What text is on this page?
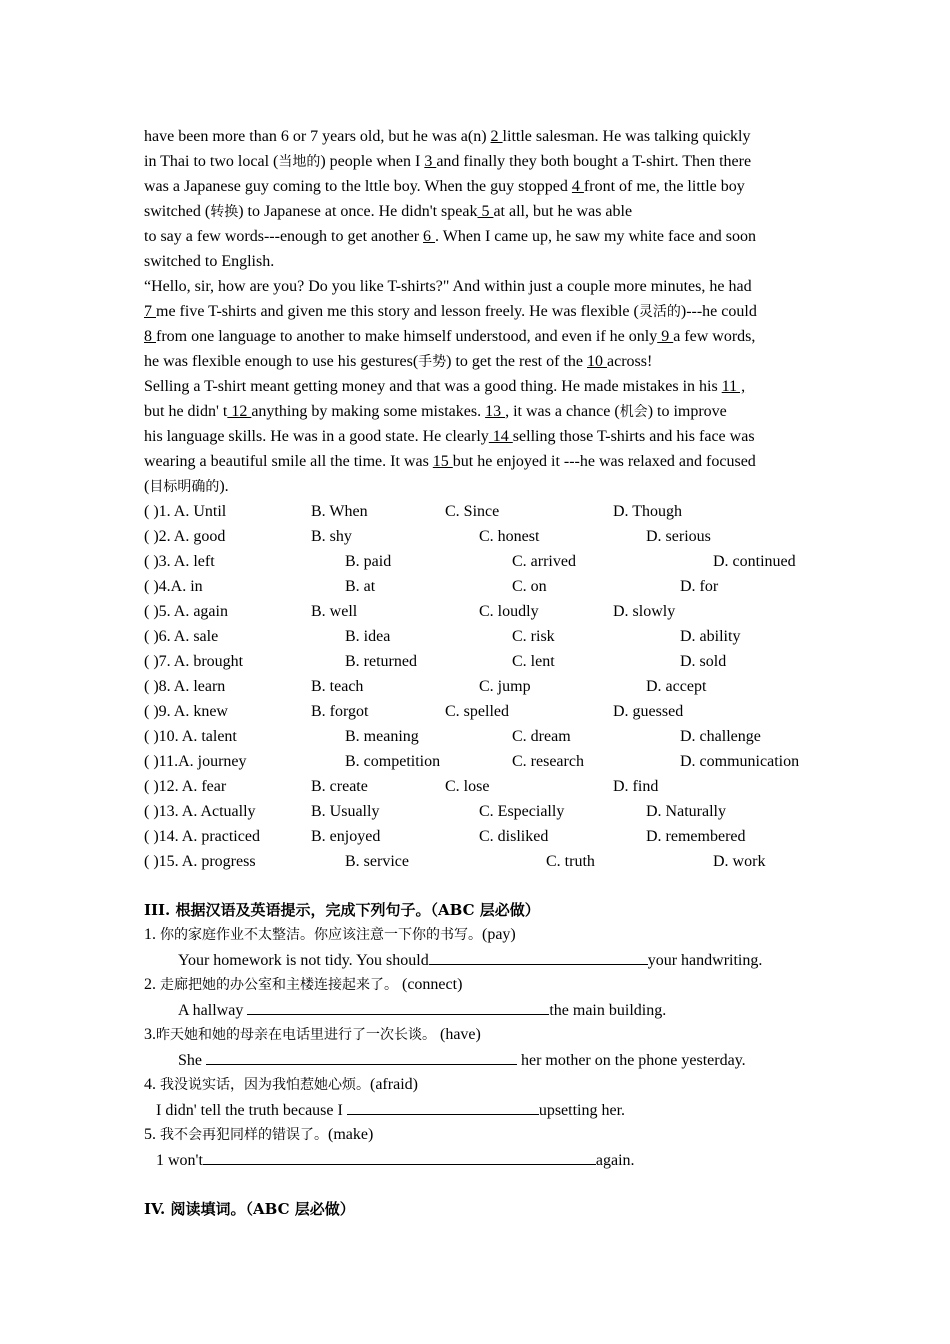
have been more than 6 or 7 years old, but he was a(n) 2 little salesman. He was talking quickly
in Thai to two local (当地的) people when I 3 and finally they both bought a T-shirt. Then there
was a Japanese guy coming to the lttle boy. When the guy stopped 4 front of me, the little boy
switched (转换) to Japanese at once. He didn't speak 5 at all, but he was able
to say a few words---enough to get another 6 . When I came up, he saw my white face and soon
switched to English.
“Hello, sir, how are you? Do you like T-shirts?" And within just a couple more minutes, he had
7 me five T-shirts and given me this story and lesson freely. He was flexible (灵活的)---he could
8 from one language to another to make himself understood, and even if he only 9 a few words,
he was flexible enough to use his gestures(手势) to get the rest of the 10 across!
Selling a T-shirt meant getting money and that was a good thing. He made mistakes in his 11 ,
but he didn' t 12 anything by making some mistakes. 13 , it was a chance (机会) to improve
his language skills. He was in a good state. He clearly 14 selling those T-shirts and his face was
wearing a beautiful smile all the time. It was 15 but he enjoyed it ---he was relaxed and focused
(目标明确的).
( )1. A. Until	B. When	C. Since	D. Though
( )2. A. good	B. shy	C. honest	D. serious
( )3. A. left	B. paid	C. arrived	D. continued
( )4.A. in	B. at	C. on	D. for
( )5. A. again	B. well	C. loudly	D. slowly
( )6. A. sale	B. idea	C. risk	D. ability
( )7. A. brought	B. returned	C. lent	D. sold
( )8. A. learn	B. teach	C. jump	D. accept
( )9. A. knew	B. forgot	C. spelled	D. guessed
( )10. A. talent	B. meaning	C. dream	D. challenge
( )11.A. journey	B. competition	C. research	D. communication
( )12. A. fear	B. create	C. lose	D. find
( )13. A. Actually	B. Usually	C. Especially	D. Naturally
( )14. A. practiced	B. enjoyed	C. disliked	D. remembered
( )15. A. progress	B. service	C. truth	D. work
III. 根据汉语及英语提示，完成下列句子。（ABC 层必做）
1. 你的家庭作业不太整洁。你应该注意一下你的书写。(pay)
Your homework is not tidy. You should	your handwriting.
2. 走廊把她的办公室和主楼连接起来了。 (connect)
A hallway	the main building.
3.昨天她和她的母亲在电话里进行了一次长谈。 (have)
She	her mother on the phone yesterday.
4. 我没说实话，因为我怕惹她心烦。(afraid)
I didn' tell the truth because I	upsetting her.
5. 我不会再犯同样的错误了。(make)
1 won't	again.
IV. 阅读填词。（ABC 层必做）
